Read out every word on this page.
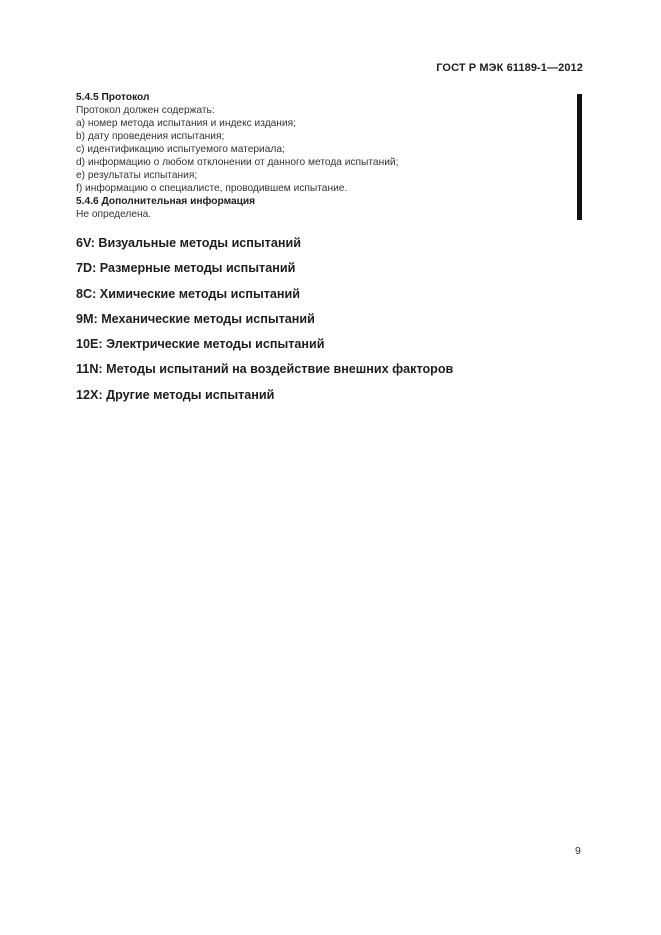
ГОСТ Р МЭК 61189-1—2012
5.4.5 Протокол
Протокол должен содержать:
a) номер метода испытания и индекс издания;
b) дату проведения испытания;
c) идентификацию испытуемого материала;
d) информацию о любом отклонении от данного метода испытаний;
e) результаты испытания;
f) информацию о специалисте, проводившем испытание.
5.4.6 Дополнительная информация
Не определена.
6V: Визуальные методы испытаний
7D: Размерные методы испытаний
8C: Химические методы испытаний
9M: Механические методы испытаний
10E: Электрические методы испытаний
11N: Методы испытаний на воздействие внешних факторов
12X: Другие методы испытаний
9
